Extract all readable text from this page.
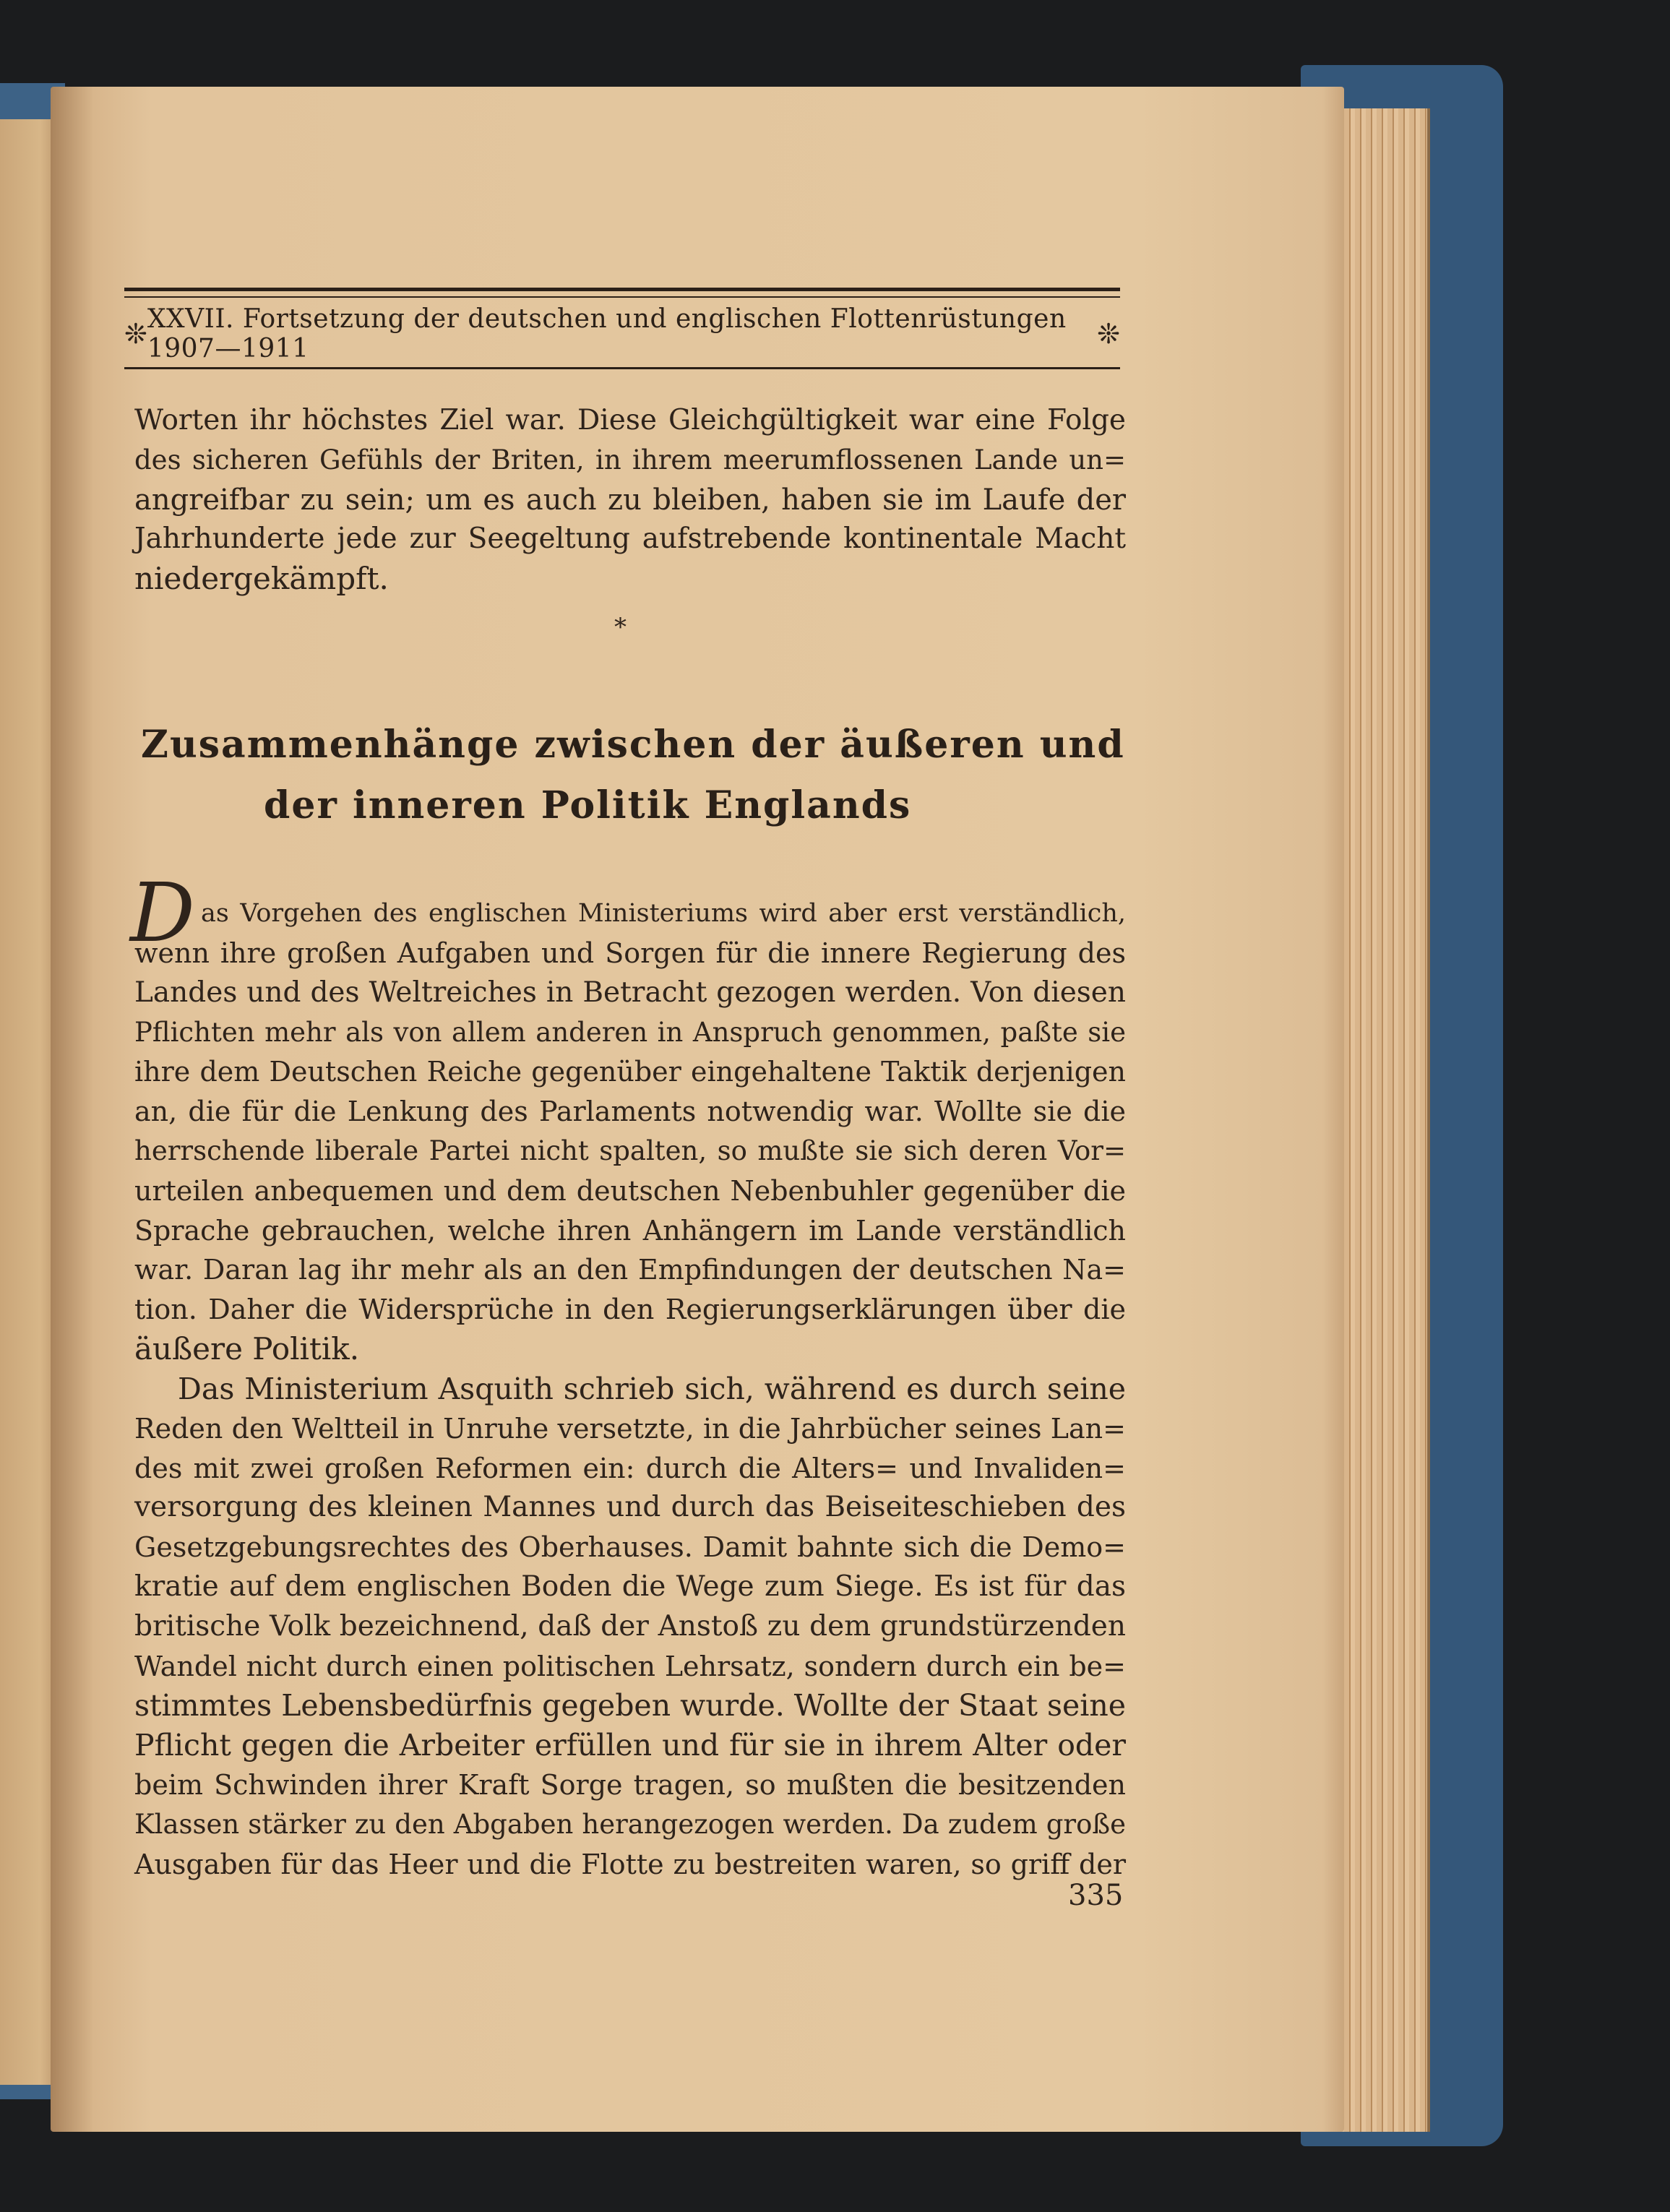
❊ XXVII. Fortsetzung der deutschen und englischen Flottenrüstungen 1907—1911	❊
Worten ihr höchstes Ziel war. Diese Gleichgültigkeit war eine Folge
des sicheren Gefühls der Briten, in ihrem meerumflossenen Lande un=
angreifbar zu sein; um es auch zu bleiben, haben sie im Laufe der
Jahrhunderte jede zur Seegeltung aufstrebende kontinentale Macht
niedergekämpft.
*
Zusammenhänge zwischen der äußeren und
der inneren Politik Englands
D as Vorgehen des englischen Ministeriums wird aber erst verständlich,
wenn ihre großen Aufgaben und Sorgen für die innere Regierung des
Landes und des Weltreiches in Betracht gezogen werden. Von diesen
Pflichten mehr als von allem anderen in Anspruch genommen, paßte sie
ihre dem Deutschen Reiche gegenüber eingehaltene Taktik derjenigen
an, die für die Lenkung des Parlaments notwendig war. Wollte sie die
herrschende liberale Partei nicht spalten, so mußte sie sich deren Vor=
urteilen anbequemen und dem deutschen Nebenbuhler gegenüber die
Sprache gebrauchen, welche ihren Anhängern im Lande verständlich
war. Daran lag ihr mehr als an den Empfindungen der deutschen Na=
tion. Daher die Widersprüche in den Regierungserklärungen über die
äußere Politik.
Das Ministerium Asquith schrieb sich, während es durch seine
Reden den Weltteil in Unruhe versetzte, in die Jahrbücher seines Lan=
des mit zwei großen Reformen ein: durch die Alters= und Invaliden=
versorgung des kleinen Mannes und durch das Beiseiteschieben des
Gesetzgebungsrechtes des Oberhauses. Damit bahnte sich die Demo=
kratie auf dem englischen Boden die Wege zum Siege. Es ist für das
britische Volk bezeichnend, daß der Anstoß zu dem grundstürzenden
Wandel nicht durch einen politischen Lehrsatz, sondern durch ein be=
stimmtes Lebensbedürfnis gegeben wurde. Wollte der Staat seine
Pflicht gegen die Arbeiter erfüllen und für sie in ihrem Alter oder
beim Schwinden ihrer Kraft Sorge tragen, so mußten die besitzenden
Klassen stärker zu den Abgaben herangezogen werden. Da zudem große
Ausgaben für das Heer und die Flotte zu bestreiten waren, so griff der
335
